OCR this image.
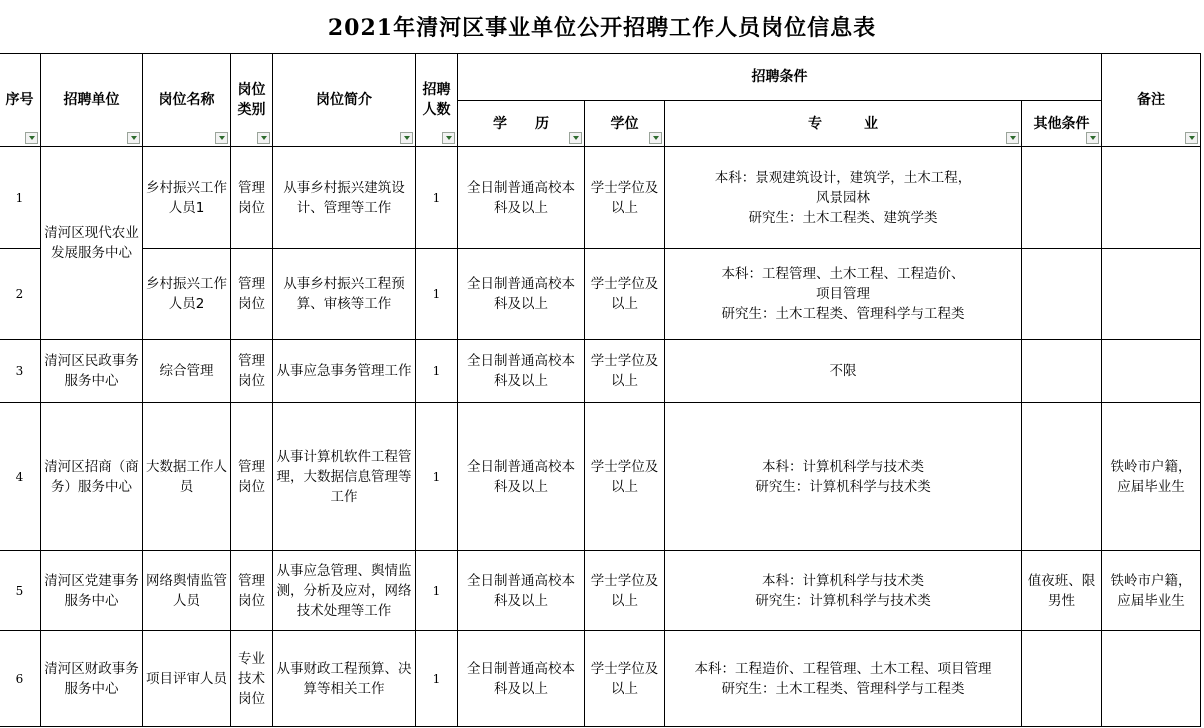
2021年清河区事业单位公开招聘工作人员岗位信息表
序号	招聘单位	岗位名称	岗位类别	岗位简介	招聘人数	招聘条件				备注

						学　　历	学位	专　　　业	其他条件	

1	清河区现代农业发展服务中心	乡村振兴工作人员1	管理岗位	从事乡村振兴建筑设计、管理等工作	1	全日制普通高校本科及以上	学士学位及以上	本科：景观建筑设计，建筑学，土木工程，
风景园林
研究生：土木工程类、建筑学类		

2		乡村振兴工作人员2	管理岗位	从事乡村振兴工程预算、审核等工作	1	全日制普通高校本科及以上	学士学位及以上	本科：工程管理、土木工程、工程造价、
项目管理
研究生：土木工程类、管理科学与工程类		

3	清河区民政事务服务中心	综合管理	管理岗位	从事应急事务管理工作	1	全日制普通高校本科及以上	学士学位及以上	不限		

4	清河区招商（商务）服务中心	大数据工作人员	管理岗位	从事计算机软件工程管理，大数据信息管理等工作	1	全日制普通高校本科及以上	学士学位及以上	本科：计算机科学与技术类
研究生：计算机科学与技术类		铁岭市户籍，应届毕业生
5	清河区党建事务服务中心	网络舆情监管人员	管理岗位	从事应急管理、舆情监测，分析及应对，网络技术处理等工作	1	全日制普通高校本科及以上	学士学位及以上	本科：计算机科学与技术类
研究生：计算机科学与技术类	值夜班、限男性	铁岭市户籍，应届毕业生
6	清河区财政事务服务中心	项目评审人员	专业技术岗位	从事财政工程预算、决算等相关工作	1	全日制普通高校本科及以上	学士学位及以上	本科：工程造价、工程管理、土木工程、项目管理
研究生：土木工程类、管理科学与工程类		
